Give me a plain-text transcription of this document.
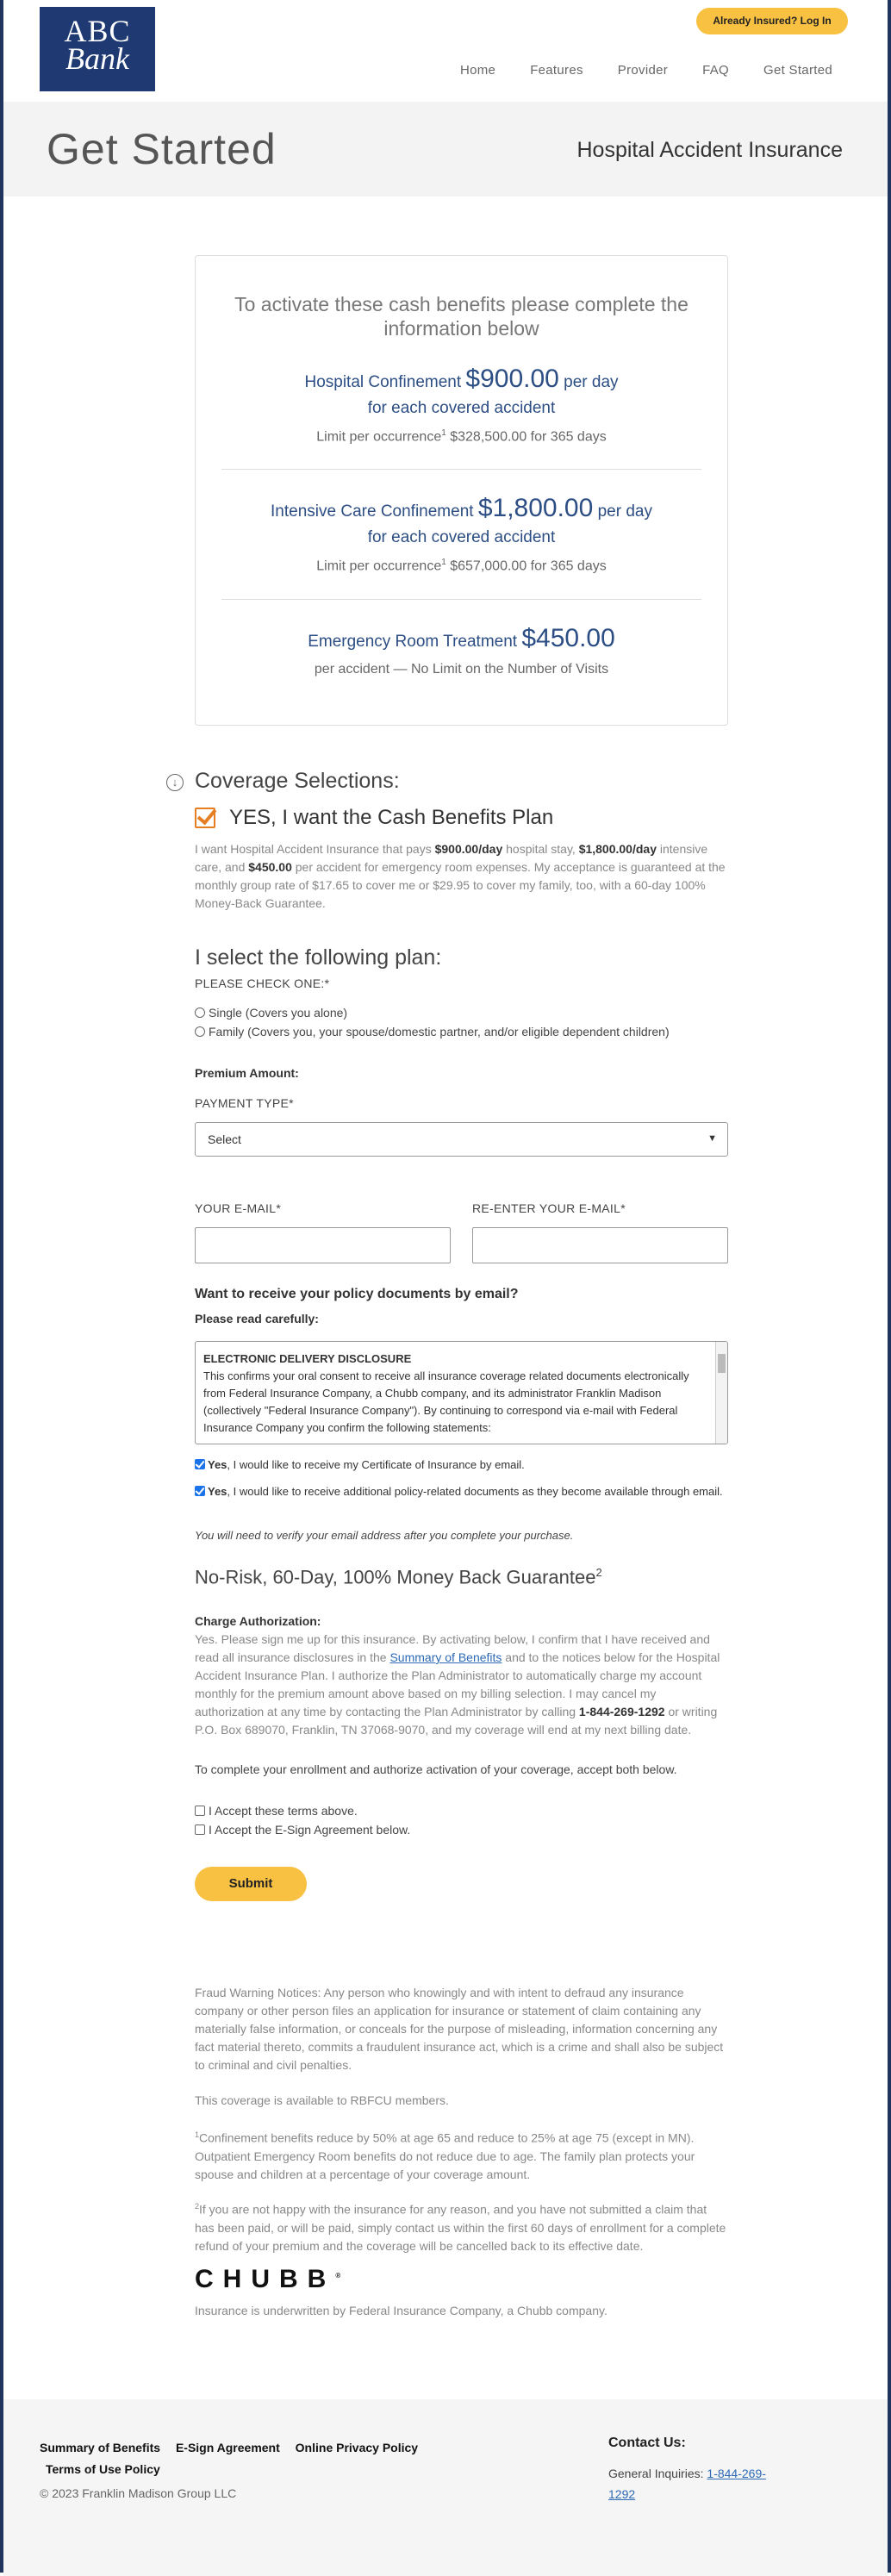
ABC
Bank
Already Insured? Log In
Home	Features	Provider	FAQ	Get Started
Get Started	Hospital Accident Insurance
To activate these cash benefits please complete the information below
Hospital Confinement $900.00 per day
for each covered accident
Limit per occurrence$^1$ $328,500.00 for 365 days
Intensive Care Confinement $1,800.00 per day
for each covered accident
Limit per occurrence$^1$ $657,000.00 for 365 days
Emergency Room Treatment $450.00
per accident — No Limit on the Number of Visits
↓ Coverage Selections:
YES, I want the Cash Benefits Plan
I want Hospital Accident Insurance that pays $900.00/day hospital stay, $1,800.00/day intensive care, and $450.00 per accident for emergency room expenses. My acceptance is guaranteed at the monthly group rate of $17.65 to cover me or $29.95 to cover my family, too, with a 60-day 100% Money-Back Guarantee.
I select the following plan:
PLEASE CHECK ONE:*
Single (Covers you alone)
Family (Covers you, your spouse/domestic partner, and/or eligible dependent children)
Premium Amount:
PAYMENT TYPE*
Select	▼
YOUR E-MAIL*	RE-ENTER YOUR E-MAIL*
Want to receive your policy documents by email?
Please read carefully:
ELECTRONIC DELIVERY DISCLOSURE
This confirms your oral consent to receive all insurance coverage related documents electronically from Federal Insurance Company, a Chubb company, and its administrator Franklin Madison (collectively "Federal Insurance Company"). By continuing to correspond via e-mail with Federal Insurance Company you confirm the following statements:
Yes, I would like to receive my Certificate of Insurance by email.
Yes, I would like to receive additional policy-related documents as they become available through email.
You will need to verify your email address after you complete your purchase.
No-Risk, 60-Day, 100% Money Back Guarantee$^2$
Charge Authorization:
Yes. Please sign me up for this insurance. By activating below, I confirm that I have received and read all insurance disclosures in the Summary of Benefits and to the notices below for the Hospital Accident Insurance Plan. I authorize the Plan Administrator to automatically charge my account monthly for the premium amount above based on my billing selection. I may cancel my authorization at any time by contacting the Plan Administrator by calling 1-844-269-1292 or writing P.O. Box 689070, Franklin, TN 37068-9070, and my coverage will end at my next billing date.
To complete your enrollment and authorize activation of your coverage, accept both below.
I Accept these terms above.
I Accept the E-Sign Agreement below.
Submit
Fraud Warning Notices: Any person who knowingly and with intent to defraud any insurance company or other person files an application for insurance or statement of claim containing any materially false information, or conceals for the purpose of misleading, information concerning any fact material thereto, commits a fraudulent insurance act, which is a crime and shall also be subject to criminal and civil penalties.
This coverage is available to RBFCU members.
$^1$Confinement benefits reduce by 50% at age 65 and reduce to 25% at age 75 (except in MN). Outpatient Emergency Room benefits do not reduce due to age. The family plan protects your spouse and children at a percentage of your coverage amount.
$^2$If you are not happy with the insurance for any reason, and you have not submitted a claim that has been paid, or will be paid, simply contact us within the first 60 days of enrollment for a complete refund of your premium and the coverage will be cancelled back to its effective date.
CHUBB®
Insurance is underwritten by Federal Insurance Company, a Chubb company.
Summary of Benefits E-Sign Agreement Online Privacy Policy
Terms of Use Policy
© 2023 Franklin Madison Group LLC
Contact Us:

General Inquiries: 1-844-269-1292
